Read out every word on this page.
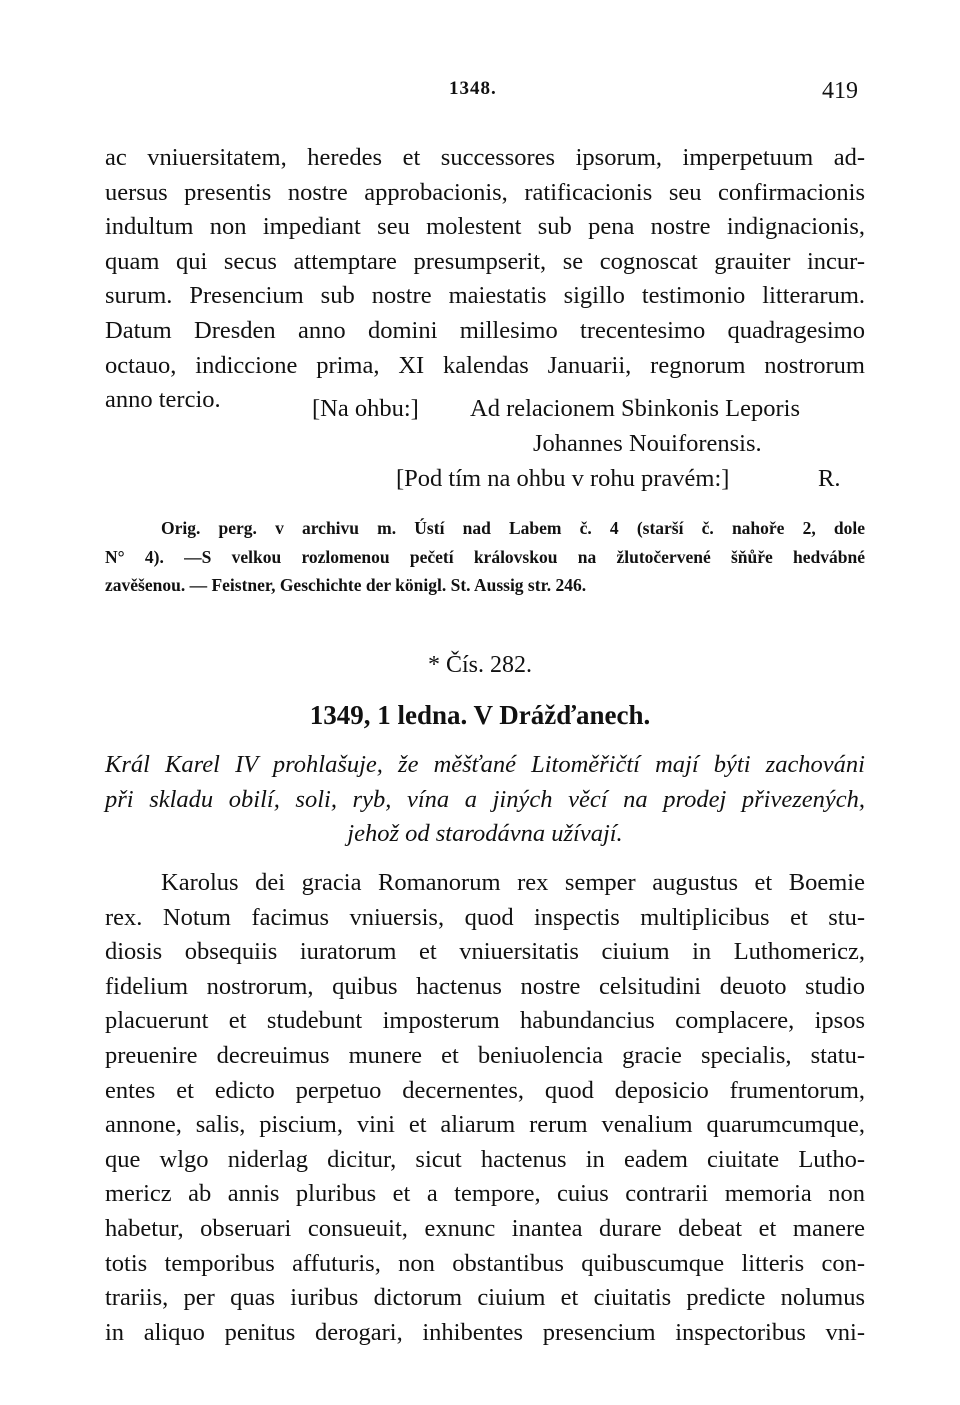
1348.	419
ac vniuersitatem, heredes et successores ipsorum, imperpetuum ad-
uersus presentis nostre approbacionis, ratificacionis seu confirmacionis
indultum non impediant seu molestent sub pena nostre indignacionis,
quam qui secus attemptare presumpserit, se cognoscat grauiter incur-
surum. Presencium sub nostre maiestatis sigillo testimonio litterarum.
Datum Dresden anno domini millesimo trecentesimo quadragesimo
octauo, indiccione prima, XI kalendas Januarii, regnorum nostrorum
anno tercio.	[Na ohbu:] Ad relacionem Sbinkonis Leporis
Johannes Nouiforensis.
[Pod tím na ohbu v rohu pravém:]	R.
Orig. perg. v archivu m. Ústí nad Labem č. 4 (starší č. nahoře 2, dole
N° 4). —S velkou rozlomenou pečetí královskou na žlutočervené šňůře hedvábné
zavěšenou. — Feistner, Geschichte der königl. St. Aussig str. 246.
* Čís. 282.
1349, 1 ledna. V Drážďanech.
Král Karel IV prohlašuje, že měšťané Litoměřičtí mají býti zachováni
při skladu obilí, soli, ryb, vína a jiných věcí na prodej přivezených,
jehož od starodávna užívají.
Karolus dei gracia Romanorum rex semper augustus et Boemie
rex. Notum facimus vniuersis, quod inspectis multiplicibus et stu-
diosis obsequiis iuratorum et vniuersitatis ciuium in Luthomericz,
fidelium nostrorum, quibus hactenus nostre celsitudini deuoto studio
placuerunt et studebunt imposterum habundancius complacere, ipsos
preuenire decreuimus munere et beniuolencia gracie specialis, statu-
entes et edicto perpetuo decernentes, quod deposicio frumentorum,
annone, salis, piscium, vini et aliarum rerum venalium quarumcumque,
que wlgo niderlag dicitur, sicut hactenus in eadem ciuitate Lutho-
mericz ab annis pluribus et a tempore, cuius contrarii memoria non
habetur, obseruari consueuit, exnunc inantea durare debeat et manere
totis temporibus affuturis, non obstantibus quibuscumque litteris con-
trariis, per quas iuribus dictorum ciuium et ciuitatis predicte nolumus
in aliquo penitus derogari, inhibentes presencium inspectoribus vni-
